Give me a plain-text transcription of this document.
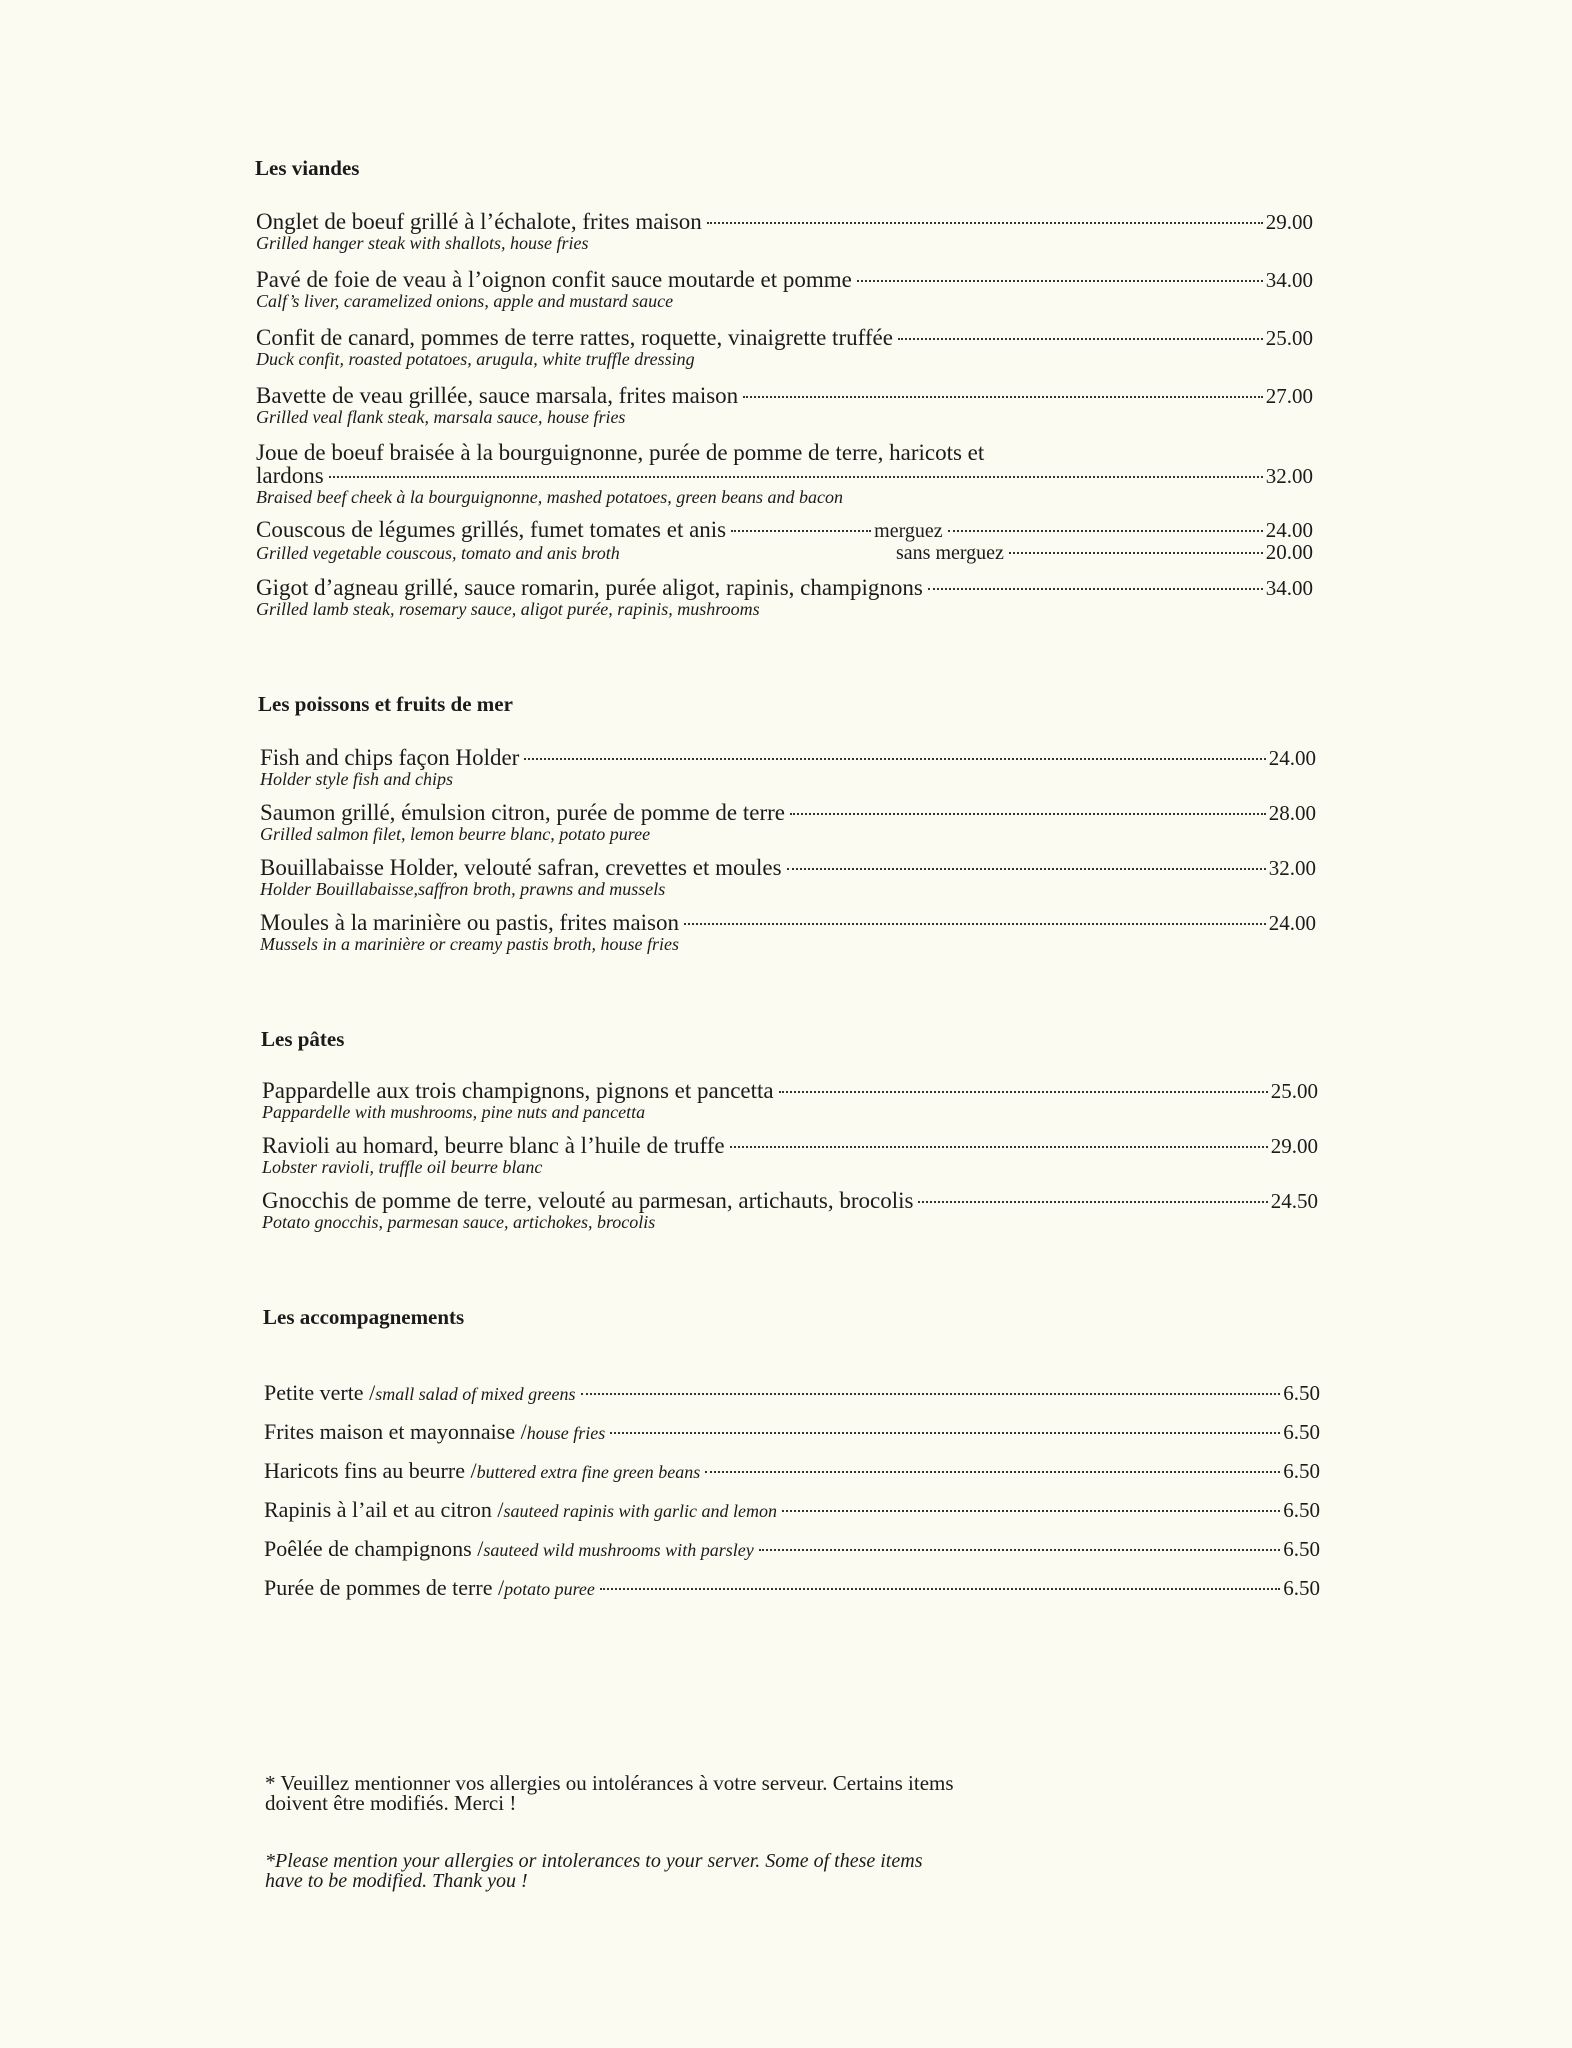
Les viandes
Onglet de boeuf grillé à l’échalote, frites maison	29.00
Grilled hanger steak with shallots, house fries
Pavé de foie de veau à l’oignon confit sauce moutarde et pomme	34.00
Calf’s liver, caramelized onions, apple and mustard sauce
Confit de canard, pommes de terre rattes, roquette, vinaigrette truffée	25.00
Duck confit, roasted potatoes, arugula, white truffle dressing
Bavette de veau grillée, sauce marsala, frites maison	27.00
Grilled veal flank steak, marsala sauce, house fries
Joue de boeuf braisée à la bourguignonne, purée de pomme de terre, haricots et
lardons	32.00
Braised beef cheek à la bourguignonne, mashed potatoes, green beans and bacon
Couscous de légumes grillés, fumet tomates et anis	merguez	24.00
Grilled vegetable couscous, tomato and anis broth	sans merguez	20.00
Gigot d’agneau grillé, sauce romarin, purée aligot, rapinis, champignons	34.00
Grilled lamb steak, rosemary sauce, aligot purée, rapinis, mushrooms
Les poissons et fruits de mer
Fish and chips façon Holder	24.00
Holder style fish and chips
Saumon grillé, émulsion citron, purée de pomme de terre	28.00
Grilled salmon filet, lemon beurre blanc, potato puree
Bouillabaisse Holder, velouté safran, crevettes et moules	32.00
Holder Bouillabaisse,saffron broth, prawns and mussels
Moules à la marinière ou pastis, frites maison	24.00
Mussels in a marinière or creamy pastis broth, house fries
Les pâtes
Pappardelle aux trois champignons, pignons et pancetta	25.00
Pappardelle with mushrooms, pine nuts and pancetta
Ravioli au homard, beurre blanc à l’huile de truffe	29.00
Lobster ravioli, truffle oil beurre blanc
Gnocchis de pomme de terre, velouté au parmesan, artichauts, brocolis	24.50
Potato gnocchis, parmesan sauce, artichokes, brocolis
Les accompagnements
Petite verte / small salad of mixed greens	6.50
Frites maison et mayonnaise / house fries	6.50
Haricots fins au beurre / buttered extra fine green beans	6.50
Rapinis à l’ail et au citron / sauteed rapinis with garlic and lemon	6.50
Poêlée de champignons / sauteed wild mushrooms with parsley	6.50
Purée de pommes de terre / potato puree	6.50
* Veuillez mentionner vos allergies ou intolérances à votre serveur. Certains items
doivent être modifiés. Merci !
*Please mention your allergies or intolerances to your server. Some of these items
have to be modified. Thank you !
